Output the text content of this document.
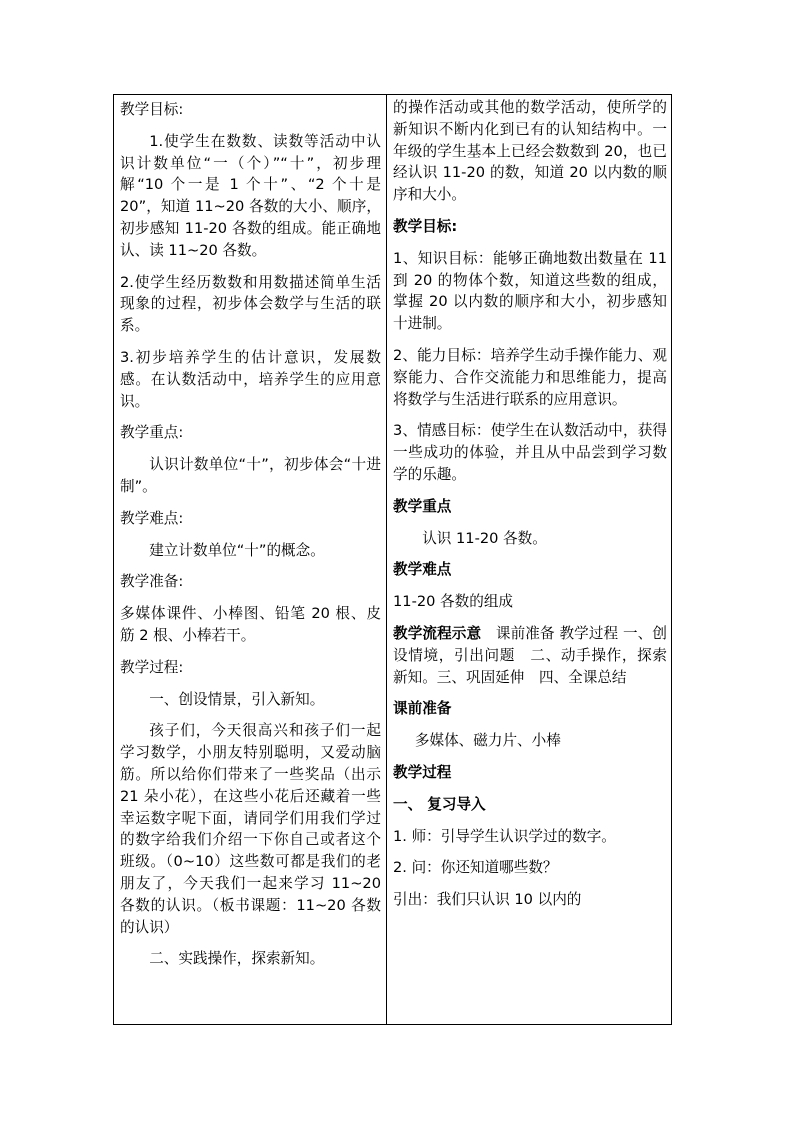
教学目标:

1.使学生在数数、读数等活动中认识计数单位“一（个）”“十”，初步理解“10 个一是 1 个十”、“2 个十是 20”，知道 11~20 各数的大小、顺序，初步感知 11-20 各数的组成。能正确地认、读 11~20 各数。

2.使学生经历数数和用数描述简单生活现象的过程，初步体会数学与生活的联系。

3.初步培养学生的估计意识，发展数感。在认数活动中，培养学生的应用意识。

教学重点:

认识计数单位“十”，初步体会“十进制”。

教学难点:

建立计数单位“十”的概念。

教学准备:

多媒体课件、小棒图、铅笔 20 根、皮筋 2 根、小棒若干。

教学过程:

一、创设情景，引入新知。

孩子们，今天很高兴和孩子们一起学习数学，小朋友特别聪明，又爱动脑筋。所以给你们带来了一些奖品（出示 21 朵小花），在这些小花后还藏着一些幸运数字呢下面，请同学们用我们学过的数字给我们介绍一下你自己或者这个班级。（0~10）这些数可都是我们的老朋友了，今天我们一起来学习 11~20 各数的认识。（板书课题：11~20 各数的认识）

二、实践操作，探索新知。

的操作活动或其他的数学活动，使所学的新知识不断内化到已有的认知结构中。一年级的学生基本上已经会数数到 20，也已经认识 11-20 的数，知道 20 以内数的顺序和大小。

教学目标:

1、知识目标：能够正确地数出数量在 11 到 20 的物体个数，知道这些数的组成，掌握 20 以内数的顺序和大小，初步感知十进制。

2、能力目标：培养学生动手操作能力、观察能力、合作交流能力和思维能力，提高将数学与生活进行联系的应用意识。

3、情感目标：使学生在认数活动中，获得一些成功的体验，并且从中品尝到学习数学的乐趣。

教学重点

认识 11-20 各数。

教学难点

11-20 各数的组成

教学流程示意　 课前准备 教学过程 一、创设情境，引出问题　二、动手操作，探索新知。三、巩固延伸　四、全课总结

课前准备

多媒体、磁力片、小棒

教学过程

一、 复习导入

1. 师：引导学生认识学过的数字。

2. 问：你还知道哪些数？

引出：我们只认识 10 以内的
